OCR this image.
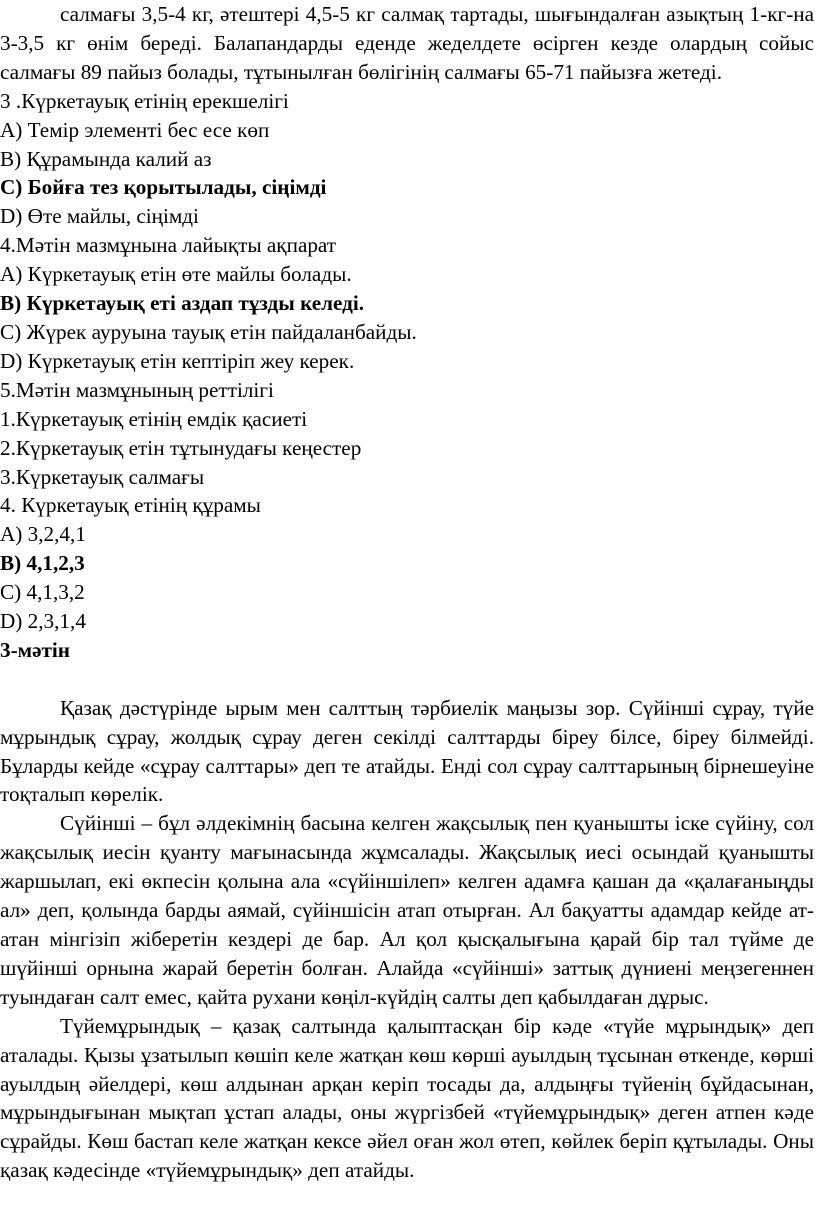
салмағы 3,5-4 кг, әтештері 4,5-5 кг салмақ тартады, шығындалған азықтың 1-кг-на 3-3,5 кг өнім береді. Балапандарды еденде жеделдете өсірген кезде олардың сойыс салмағы 89 пайыз болады, тұтынылған бөлігінің салмағы 65-71 пайызға жетеді.

3 .Күркетауық етінің ерекшелігі
A) Темір элементі бес есе көп
B) Құрамында калий аз
C) Бойға тез қорытылады, сіңімді
D) Өте майлы, сіңімді
4.Мәтін мазмұнына лайықты ақпарат
A) Күркетауық етін өте майлы болады.
B) Күркетауық еті аздап тұзды келеді.
C) Жүрек ауруына тауық етін пайдаланбайды.
D) Күркетауық етін кептіріп жеу керек.
5.Мәтін мазмұнының реттілігі
1.Күркетауық етінің емдік қасиеті
2.Күркетауық етін тұтынудағы кеңестер
3.Күркетауық салмағы
4. Күркетауық етінің құрамы
A) 3,2,4,1
B) 4,1,2,3
C) 4,1,3,2
D) 2,3,1,4
3-мәтін

Қазақ дәстүрінде ырым мен салттың тәрбиелік маңызы зор. Сүйінші сұрау, түйе мұрындық сұрау, жолдық сұрау деген секілді салттарды біреу білсе, біреу білмейді. Бұларды кейде «сұрау салттары» деп те атайды. Енді сол сұрау салттарының бірнешеуіне тоқталып көрелік.

Сүйінші – бұл әлдекімнің басына келген жақсылық пен қуанышты іске сүйіну, сол жақсылық иесін қуанту мағынасында жұмсалады. Жақсылық иесі осындай қуанышты жаршылап, екі өкпесін қолына ала «сүйіншілеп» келген адамға қашан да «қалағаныңды ал» деп, қолында барды аямай, сүйіншісін атап отырған. Ал бақуатты адамдар кейде ат-атан мінгізіп жіберетін кездері де бар. Ал қол қысқалығына қарай бір тал түйме де шүйінші орнына жарай беретін болған. Алайда «сүйінші» заттық дүниені меңзегеннен туындаған салт емес, қайта рухани көңіл-күйдің салты деп қабылдаған дұрыс.

Түйемұрындық – қазақ салтында қалыптасқан бір кәде «түйе мұрындық» деп аталады. Қызы ұзатылып көшіп келе жатқан көш көрші ауылдың тұсынан өткенде, көрші ауылдың әйелдері, көш алдынан арқан керіп тосады да, алдыңғы түйенің бұйдасынан, мұрындығынан мықтап ұстап алады, оны жүргізбей «түйемұрындық» деген атпен кәде сұрайды. Көш бастап келе жатқан кексе әйел оған жол өтеп, көйлек беріп құтылады. Оны қазақ кәдесінде «түйемұрындық» деп атайды.
